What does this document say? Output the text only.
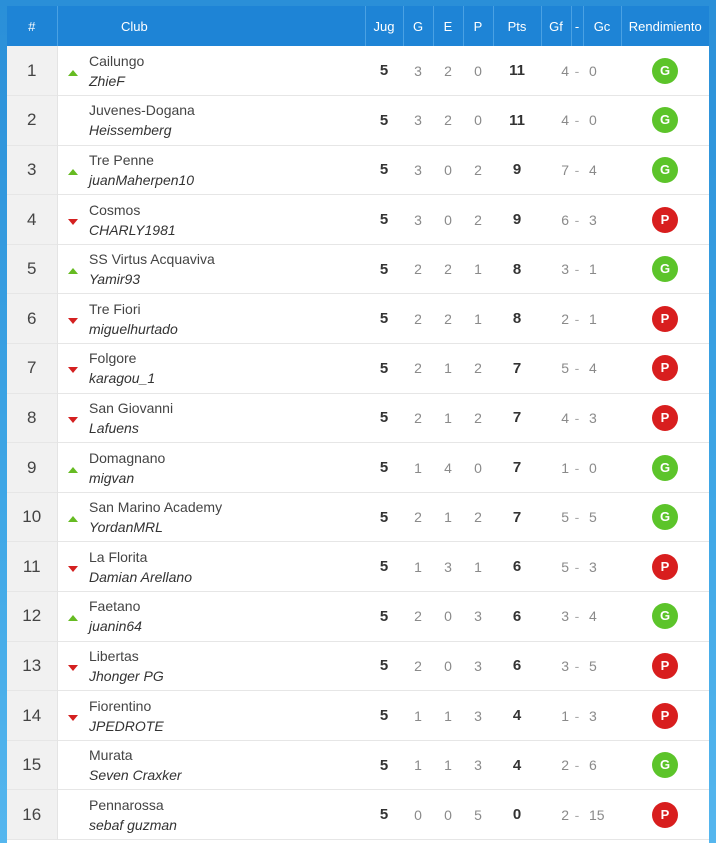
#		Club	Jug	G	E	P	Pts	Gf	-	Gc	Rendimiento
1		Cailungo
ZhieF	5	3	2	0	11	4	-	0	G
2		Juvenes-Dogana
Heissemberg	5	3	2	0	11	4	-	0	G
3		Tre Penne
juanMaherpen10	5	3	0	2	9	7	-	4	G
4		Cosmos
CHARLY1981	5	3	0	2	9	6	-	3	P
5		SS Virtus Acquaviva
Yamir93	5	2	2	1	8	3	-	1	G
6		Tre Fiori
miguelhurtado	5	2	2	1	8	2	-	1	P
7		Folgore
karagou_1	5	2	1	2	7	5	-	4	P
8		San Giovanni
Lafuens	5	2	1	2	7	4	-	3	P
9		Domagnano
migvan	5	1	4	0	7	1	-	0	G
10		San Marino Academy
YordanMRL	5	2	1	2	7	5	-	5	G
11		La Florita
Damian Arellano	5	1	3	1	6	5	-	3	P
12		Faetano
juanin64	5	2	0	3	6	3	-	4	G
13		Libertas
Jhonger PG	5	2	0	3	6	3	-	5	P
14		Fiorentino
JPEDROTE	5	1	1	3	4	1	-	3	P
15		Murata
Seven Craxker	5	1	1	3	4	2	-	6	G
16		Pennarossa
sebaf guzman	5	0	0	5	0	2	-	15	P
